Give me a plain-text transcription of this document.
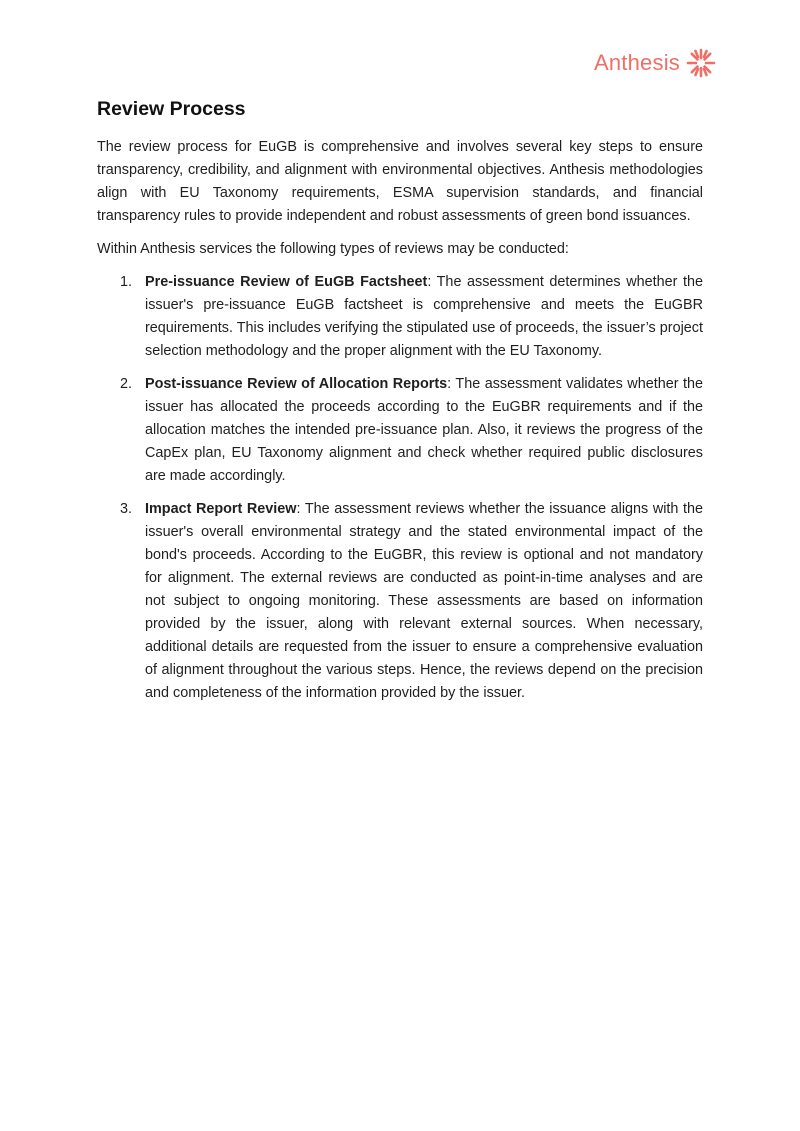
Anthesis
Review Process

The review process for EuGB is comprehensive and involves several key steps to ensure transparency, credibility, and alignment with environmental objectives. Anthesis methodologies align with EU Taxonomy requirements, ESMA supervision standards, and financial transparency rules to provide independent and robust assessments of green bond issuances.

Within Anthesis services the following types of reviews may be conducted:

1. Pre-issuance Review of EuGB Factsheet: The assessment determines whether the issuer's pre-issuance EuGB factsheet is comprehensive and meets the EuGBR requirements. This includes verifying the stipulated use of proceeds, the issuer’s project selection methodology and the proper alignment with the EU Taxonomy.
2. Post-issuance Review of Allocation Reports: The assessment validates whether the issuer has allocated the proceeds according to the EuGBR requirements and if the allocation matches the intended pre-issuance plan. Also, it reviews the progress of the CapEx plan, EU Taxonomy alignment and check whether required public disclosures are made accordingly.
3. Impact Report Review: The assessment reviews whether the issuance aligns with the issuer's overall environmental strategy and the stated environmental impact of the bond's proceeds. According to the EuGBR, this review is optional and not mandatory for alignment. The external reviews are conducted as point-in-time analyses and are not subject to ongoing monitoring. These assessments are based on information provided by the issuer, along with relevant external sources. When necessary, additional details are requested from the issuer to ensure a comprehensive evaluation of alignment throughout the various steps. Hence, the reviews depend on the precision and completeness of the information provided by the issuer.
